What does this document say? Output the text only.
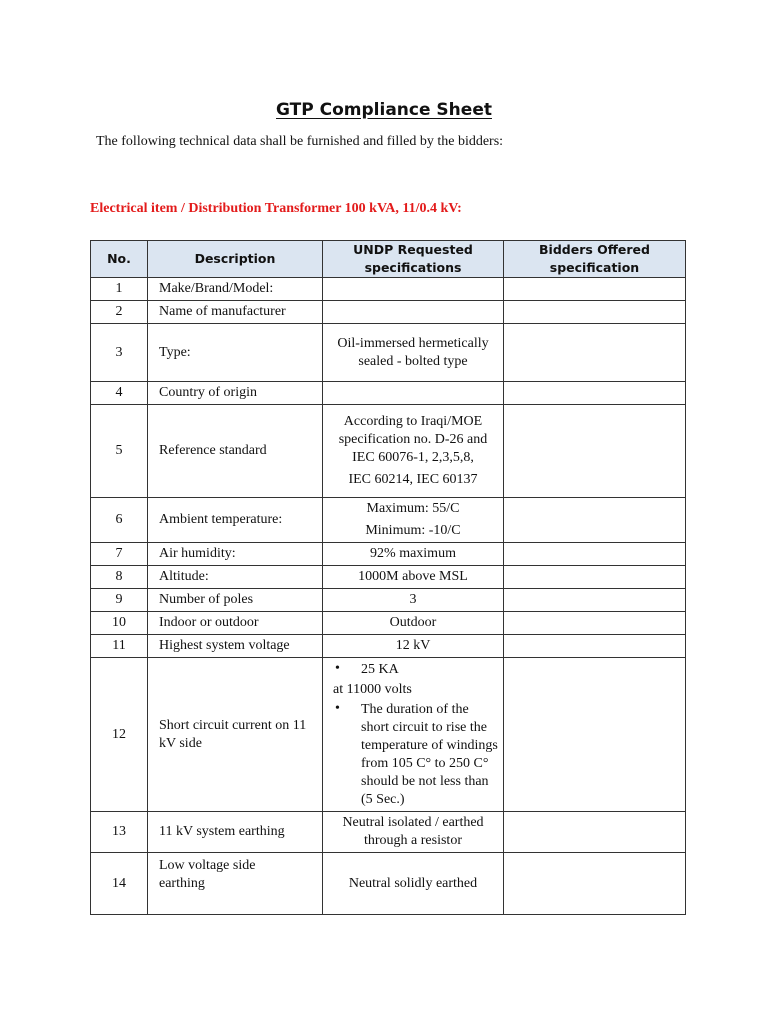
GTP Compliance Sheet
The following technical data shall be furnished and filled by the bidders:
Electrical item / Distribution Transformer 100 kVA, 11/0.4 kV:
No.	Description	UNDP Requested specifications	Bidders Offered specification
1	Make/Brand/Model:		
2	Name of manufacturer		
3	Type:	Oil-immersed hermetically sealed - bolted type	
4	Country of origin		
5	Reference standard	According to Iraqi/MOE specification no. D-26 and IEC 60076-1, 2,3,5,8,
IEC 60214, IEC 60137	

6	Ambient temperature:	Maximum: 55/C
Minimum: -10/C	

7	Air humidity:	92% maximum	
8	Altitude:	1000M above MSL	
9	Number of poles	3	
10	Indoor or outdoor	Outdoor	
11	Highest system voltage	12 kV	
12	Short circuit current on 11 kV side	• 25 KA
at 11000 volts
• The duration of the short circuit to rise the temperature of windings from 105 C° to 250 C° should be not less than (5 Sec.)	

13	11 kV system earthing	Neutral isolated / earthed through a resistor	
14	Low voltage side earthing	Neutral solidly earthed	
